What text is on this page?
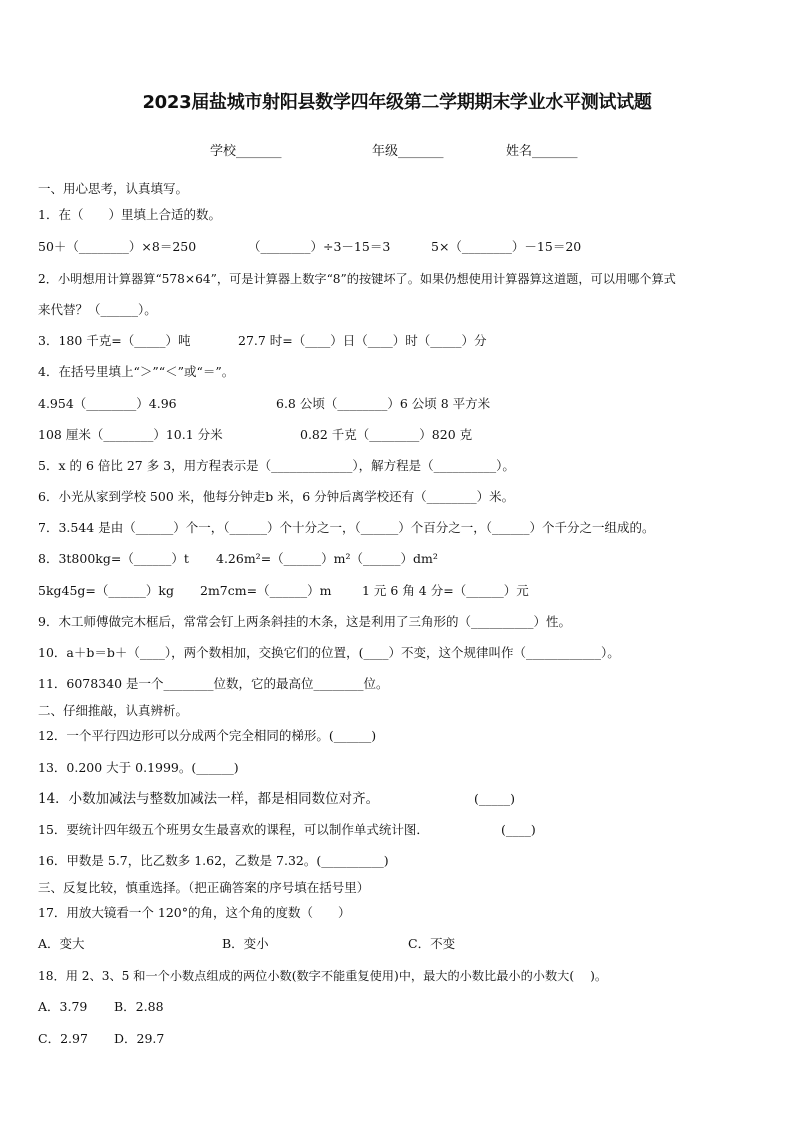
2023届盐城市射阳县数学四年级第二学期期末学业水平测试试题
学校_______	年级_______	姓名_______
一、用心思考，认真填写。
1．在（　　）里填上合适的数。
50＋（________）×8＝250	（________）÷3－15＝3	5×（________）－15＝20
2．小明想用计算器算“578×64”，可是计算器上数字“8”的按键坏了。如果仍想使用计算器算这道题，可以用哪个算式
来代替？（______）。
3．180 千克=（_____）吨	27.7 时=（____）日（____）时（_____）分
4．在括号里填上“＞”“＜”或“＝”。
4.954（________）4.96	6.8 公顷（________）6 公顷 8 平方米
108 厘米（________）10.1 分米	0.82 千克（________）820 克
5．x 的 6 倍比 27 多 3，用方程表示是（_____________），解方程是（__________）。
6．小光从家到学校 500 米，他每分钟走b 米，6 分钟后离学校还有（________）米。
7．3.544 是由（______）个一，（______）个十分之一，（______）个百分之一，（______）个千分之一组成的。
8．3t800kg=（______）t 4.26m²=（______）m²（______）dm²
5kg45g=（______）kg 2m7cm=（______）m 1 元 6 角 4 分=（______）元
9．木工师傅做完木框后，常常会钉上两条斜挂的木条，这是利用了三角形的（__________）性。
10．a＋b＝b＋（____），两个数相加，交换它们的位置，(____）不变，这个规律叫作（____________）。
11．6078340 是一个________位数，它的最高位________位。
二、仔细推敲，认真辨析。
12．一个平行四边形可以分成两个完全相同的梯形。(______)
13．0.200 大于 0.1999。(______)
14．小数加减法与整数加减法一样，都是相同数位对齐。	(_____)
15．要统计四年级五个班男女生最喜欢的课程，可以制作单式统计图．	(____)
16．甲数是 5.7，比乙数多 1.62，乙数是 7.32。(__________)
三、反复比较，慎重选择。（把正确答案的序号填在括号里）
17．用放大镜看一个 120°的角，这个角的度数（　　）
A．变大	B．变小	C．不变
18．用 2、3、5 和一个小数点组成的两位小数(数字不能重复使用)中，最大的小数比最小的小数大(　 )。
A．3.79 B．2.88
C．2.97 D．29.7
